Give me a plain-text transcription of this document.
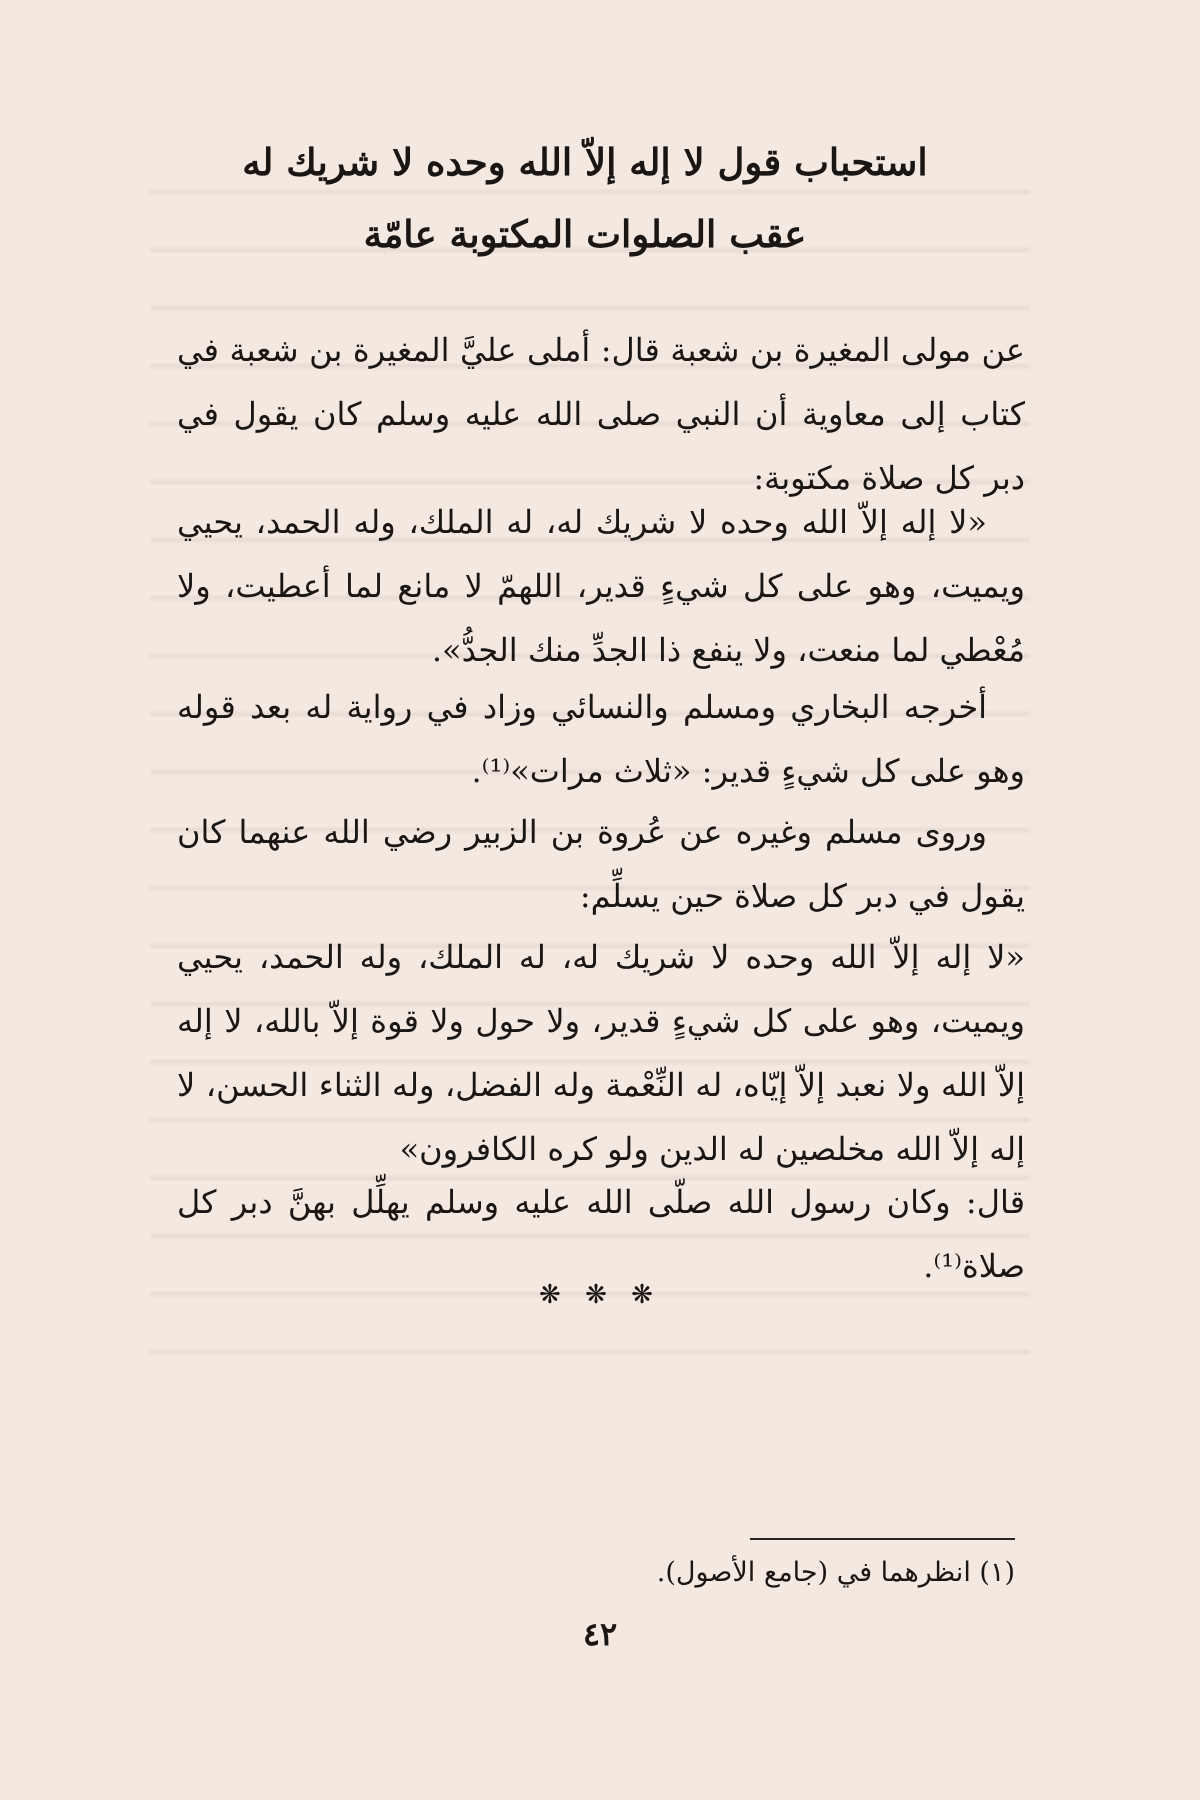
استحباب قول لا إله إلاّ الله وحده لا شريك له
عقب الصلوات المكتوبة عامّة

عن مولى المغيرة بن شعبة قال: أملى عليَّ المغيرة بن شعبة في كتاب إلى معاوية أن النبي صلى الله عليه وسلم كان يقول في دبر كل صلاة مكتوبة:

«لا إله إلاّ الله وحده لا شريك له، له الملك، وله الحمد، يحيي ويميت، وهو على كل شيءٍ قدير، اللهمّ لا مانع لما أعطيت، ولا مُعْطي لما منعت، ولا ينفع ذا الجدِّ منك الجدُّ».

أخرجه البخاري ومسلم والنسائي وزاد في رواية له بعد قوله وهو على كل شيءٍ قدير: «ثلاث مرات»⁽¹⁾.

وروى مسلم وغيره عن عُروة بن الزبير رضي الله عنهما كان يقول في دبر كل صلاة حين يسلِّم:

«لا إله إلاّ الله وحده لا شريك له، له الملك، وله الحمد، يحيي ويميت، وهو على كل شيءٍ قدير، ولا حول ولا قوة إلاّ بالله، لا إله إلاّ الله ولا نعبد إلاّ إيّاه، له النِّعْمة وله الفضل، وله الثناء الحسن، لا إله إلاّ الله مخلصين له الدين ولو كره الكافرون»

قال: وكان رسول الله صلّى الله عليه وسلم يهلِّل بهنَّ دبر كل صلاة⁽¹⁾.

❋ ❋ ❋
(١) انظرهما في (جامع الأصول).
٤٢
